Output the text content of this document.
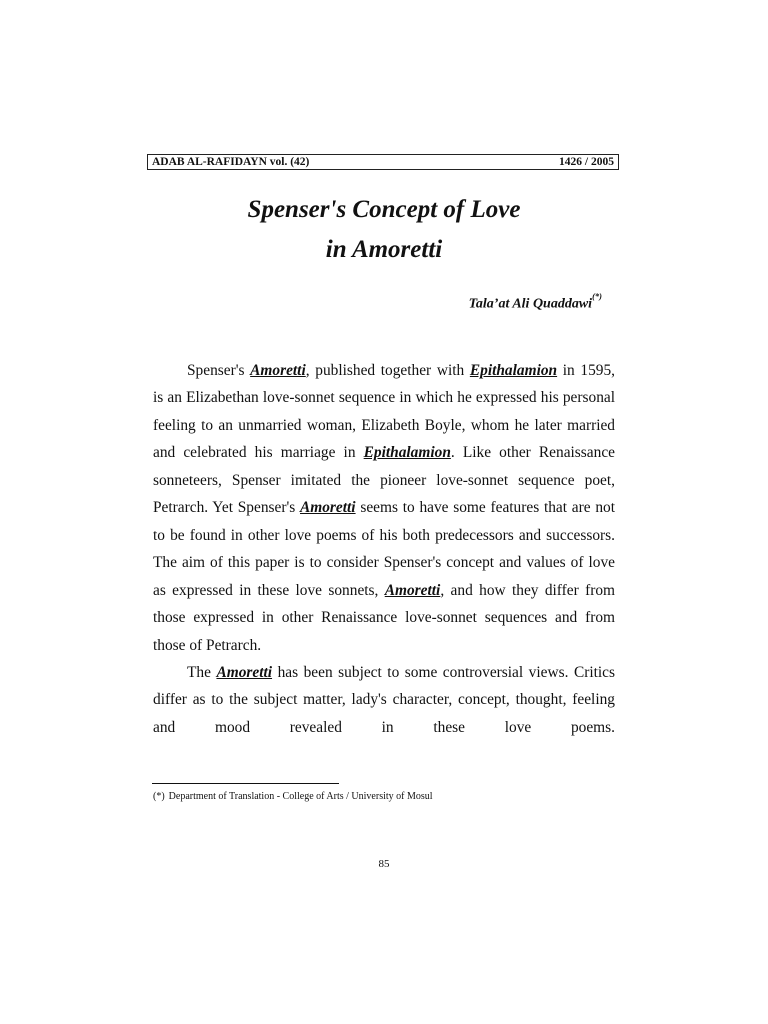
ADAB AL-RAFIDAYN vol. (42)	1426 / 2005
Spenser's Concept of Love
in Amoretti
Tala’at Ali Quaddawi(*)

Spenser's Amoretti, published together with Epithalamion in 1595, is an Elizabethan love-sonnet sequence in which he expressed his personal feeling to an unmarried woman, Elizabeth Boyle, whom he later married and celebrated his marriage in Epithalamion. Like other Renaissance sonneteers, Spenser imitated the pioneer love-sonnet sequence poet, Petrarch. Yet Spenser's Amoretti seems to have some features that are not to be found in other love poems of his both predecessors and successors. The aim of this paper is to consider Spenser's concept and values of love as expressed in these love sonnets, Amoretti, and how they differ from those expressed in other Renaissance love-sonnet sequences and from those of Petrarch.

The Amoretti has been subject to some controversial views. Critics differ as to the subject matter, lady's character, concept, thought, feeling and mood revealed in these love poems.

(*) Department of Translation - College of Arts / University of Mosul
85
